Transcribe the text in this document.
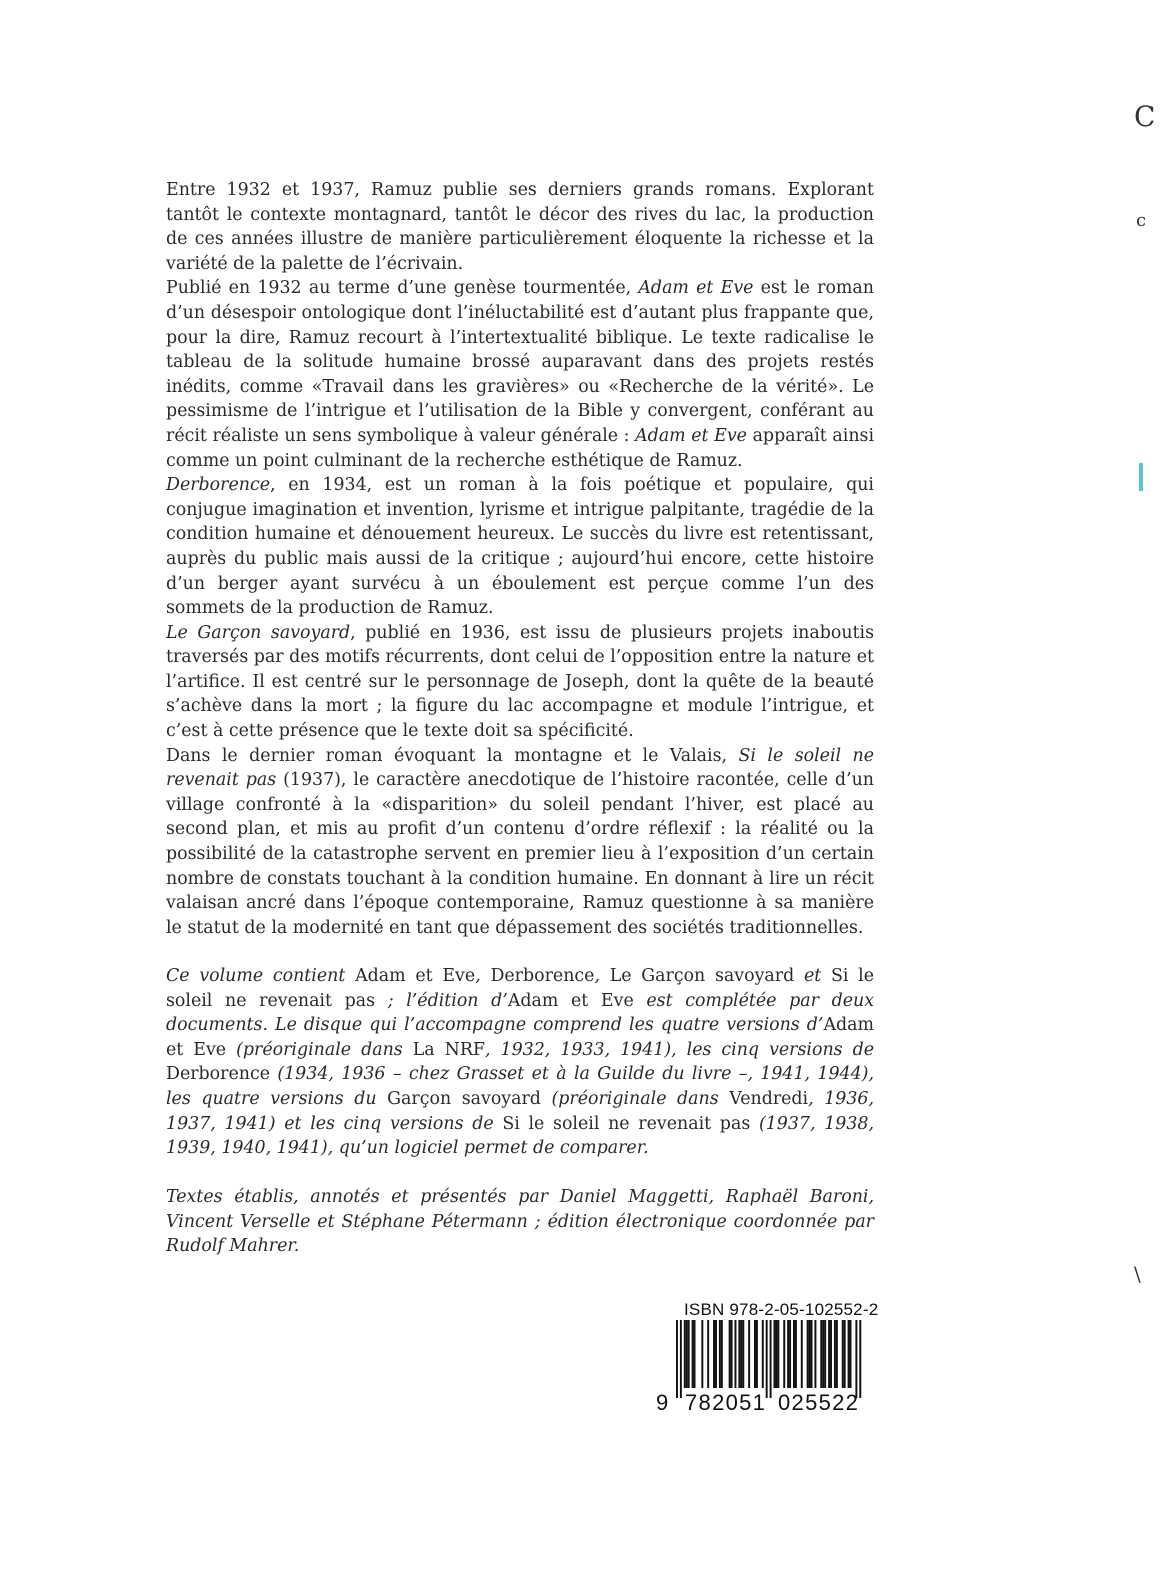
Entre 1932 et 1937, Ramuz publie ses derniers grands romans. Explorant tantôt le contexte montagnard, tantôt le décor des rives du lac, la production de ces années illustre de manière particulièrement éloquente la richesse et la variété de la palette de l’écrivain.

Publié en 1932 au terme d’une genèse tourmentée, Adam et Eve est le roman d’un désespoir ontologique dont l’inéluctabilité est d’autant plus frappante que, pour la dire, Ramuz recourt à l’intertextualité biblique. Le texte radicalise le tableau de la solitude humaine brossé auparavant dans des projets restés inédits, comme «Travail dans les gravières» ou «Recherche de la vérité». Le pessimisme de l’intrigue et l’utilisation de la Bible y convergent, conférant au récit réaliste un sens symbolique à valeur générale : Adam et Eve apparaît ainsi comme un point culminant de la recherche esthétique de Ramuz.

Derborence, en 1934, est un roman à la fois poétique et populaire, qui conjugue imagination et invention, lyrisme et intrigue palpitante, tragédie de la condition humaine et dénouement heureux. Le succès du livre est retentissant, auprès du public mais aussi de la critique ; aujourd’hui encore, cette histoire d’un berger ayant survécu à un éboulement est perçue comme l’un des sommets de la production de Ramuz.

Le Garçon savoyard, publié en 1936, est issu de plusieurs projets inaboutis traversés par des motifs récurrents, dont celui de l’opposition entre la nature et l’artifice. Il est centré sur le personnage de Joseph, dont la quête de la beauté s’achève dans la mort ; la figure du lac accompagne et module l’intrigue, et c’est à cette présence que le texte doit sa spécificité.

Dans le dernier roman évoquant la montagne et le Valais, Si le soleil ne revenait pas (1937), le caractère anecdotique de l’histoire racontée, celle d’un village confronté à la «disparition» du soleil pendant l’hiver, est placé au second plan, et mis au profit d’un contenu d’ordre réflexif : la réalité ou la possibilité de la catastrophe servent en premier lieu à l’exposition d’un certain nombre de constats touchant à la condition humaine. En donnant à lire un récit valaisan ancré dans l’époque contemporaine, Ramuz questionne à sa manière le statut de la modernité en tant que dépassement des sociétés traditionnelles.

Ce volume contient Adam et Eve, Derborence, Le Garçon savoyard et Si le soleil ne revenait pas ; l’édition d’Adam et Eve est complétée par deux documents. Le disque qui l’accompagne comprend les quatre versions d’Adam et Eve (préoriginale dans La NRF, 1932, 1933, 1941), les cinq versions de Derborence (1934, 1936 – chez Grasset et à la Guilde du livre –, 1941, 1944), les quatre versions du Garçon savoyard (préoriginale dans Vendredi, 1936, 1937, 1941) et les cinq versions de Si le soleil ne revenait pas (1937, 1938, 1939, 1940, 1941), qu’un logiciel permet de comparer.
Textes établis, annotés et présentés par Daniel Maggetti, Raphaël Baroni, Vincent Verselle et Stéphane Pétermann ; édition électronique coordonnée par Rudolf Mahrer.
ISBN 978-2-05-102552-2
9 782051 025522
C
c
\
